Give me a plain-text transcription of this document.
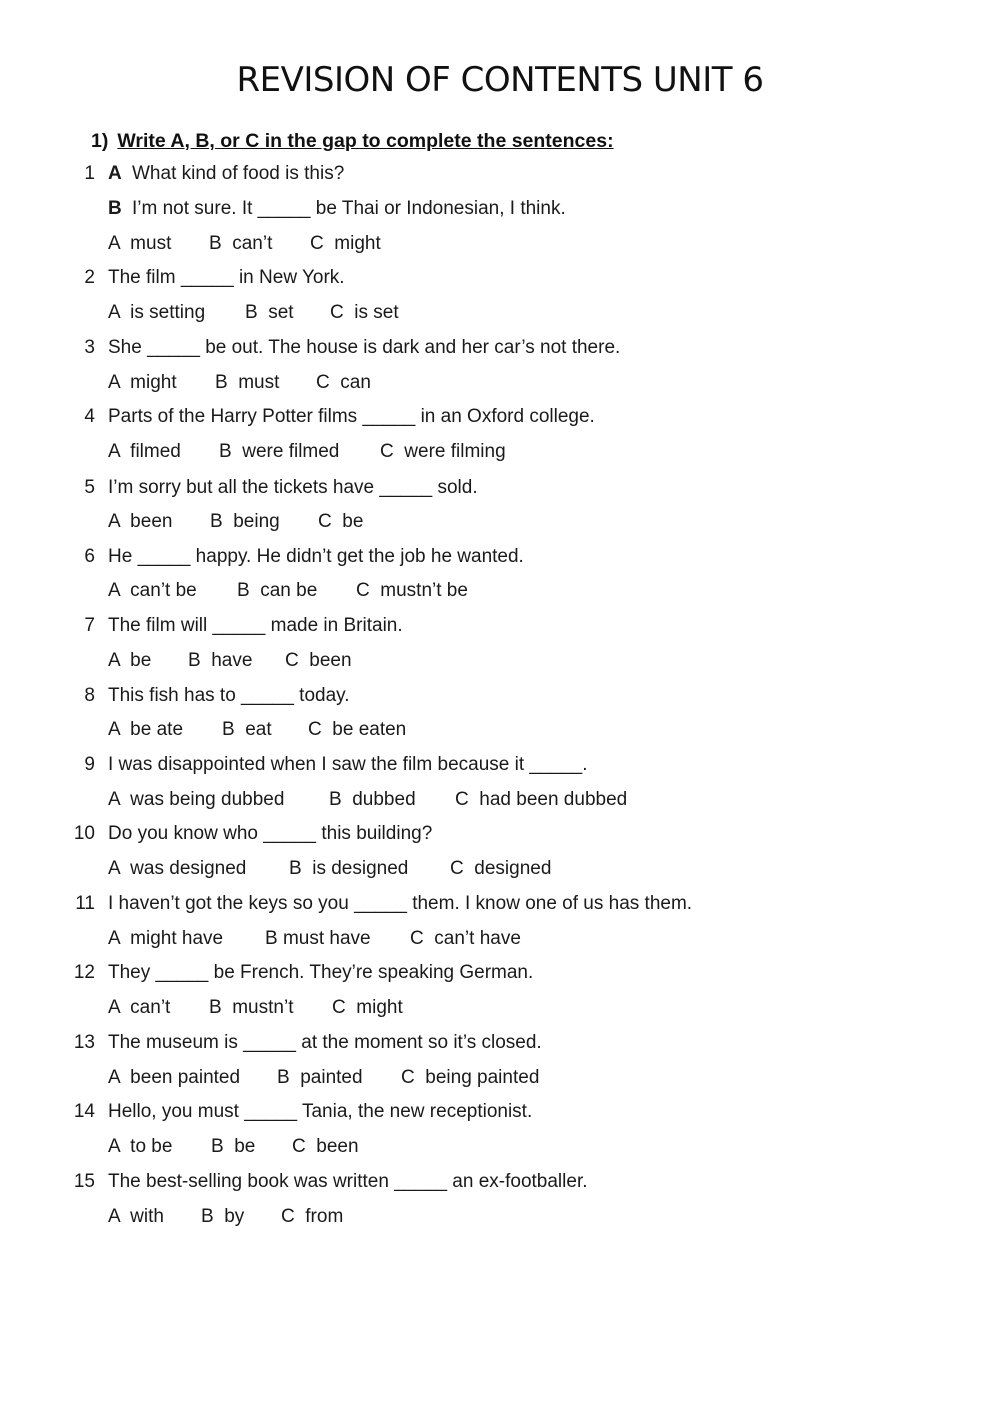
REVISION OF CONTENTS UNIT 6
1) Write A, B, or C in the gap to complete the sentences:
1 A What kind of food is this?
B I’m not sure. It _____ be Thai or Indonesian, I think.
A  must B  can’t C  might
2 The film _____ in New York.
A  is setting B  set C  is set
3 She _____ be out. The house is dark and her car’s not there.
A  might B  must C  can
4 Parts of the Harry Potter films _____ in an Oxford college.
A  filmed B  were filmed C  were filming
5 I’m sorry but all the tickets have _____ sold.
A  been B  being C  be
6 He _____ happy. He didn’t get the job he wanted.
A  can’t be B  can be C  mustn’t be
7 The film will _____ made in Britain.
A  be B  have C  been
8 This fish has to _____ today.
A  be ate B  eat C  be eaten
9 I was disappointed when I saw the film because it _____.
A  was being dubbed B  dubbed C  had been dubbed
10 Do you know who _____ this building?
A  was designed B  is designed C  designed
11 I haven’t got the keys so you _____ them. I know one of us has them.
A  might have B must have C  can’t have
12 They _____ be French. They’re speaking German.
A  can’t B  mustn’t C  might
13 The museum is _____ at the moment so it’s closed.
A  been painted B  painted C  being painted
14 Hello, you must _____ Tania, the new receptionist.
A  to be B  be C  been
15 The best-selling book was written _____ an ex-footballer.
A  with B  by C  from
